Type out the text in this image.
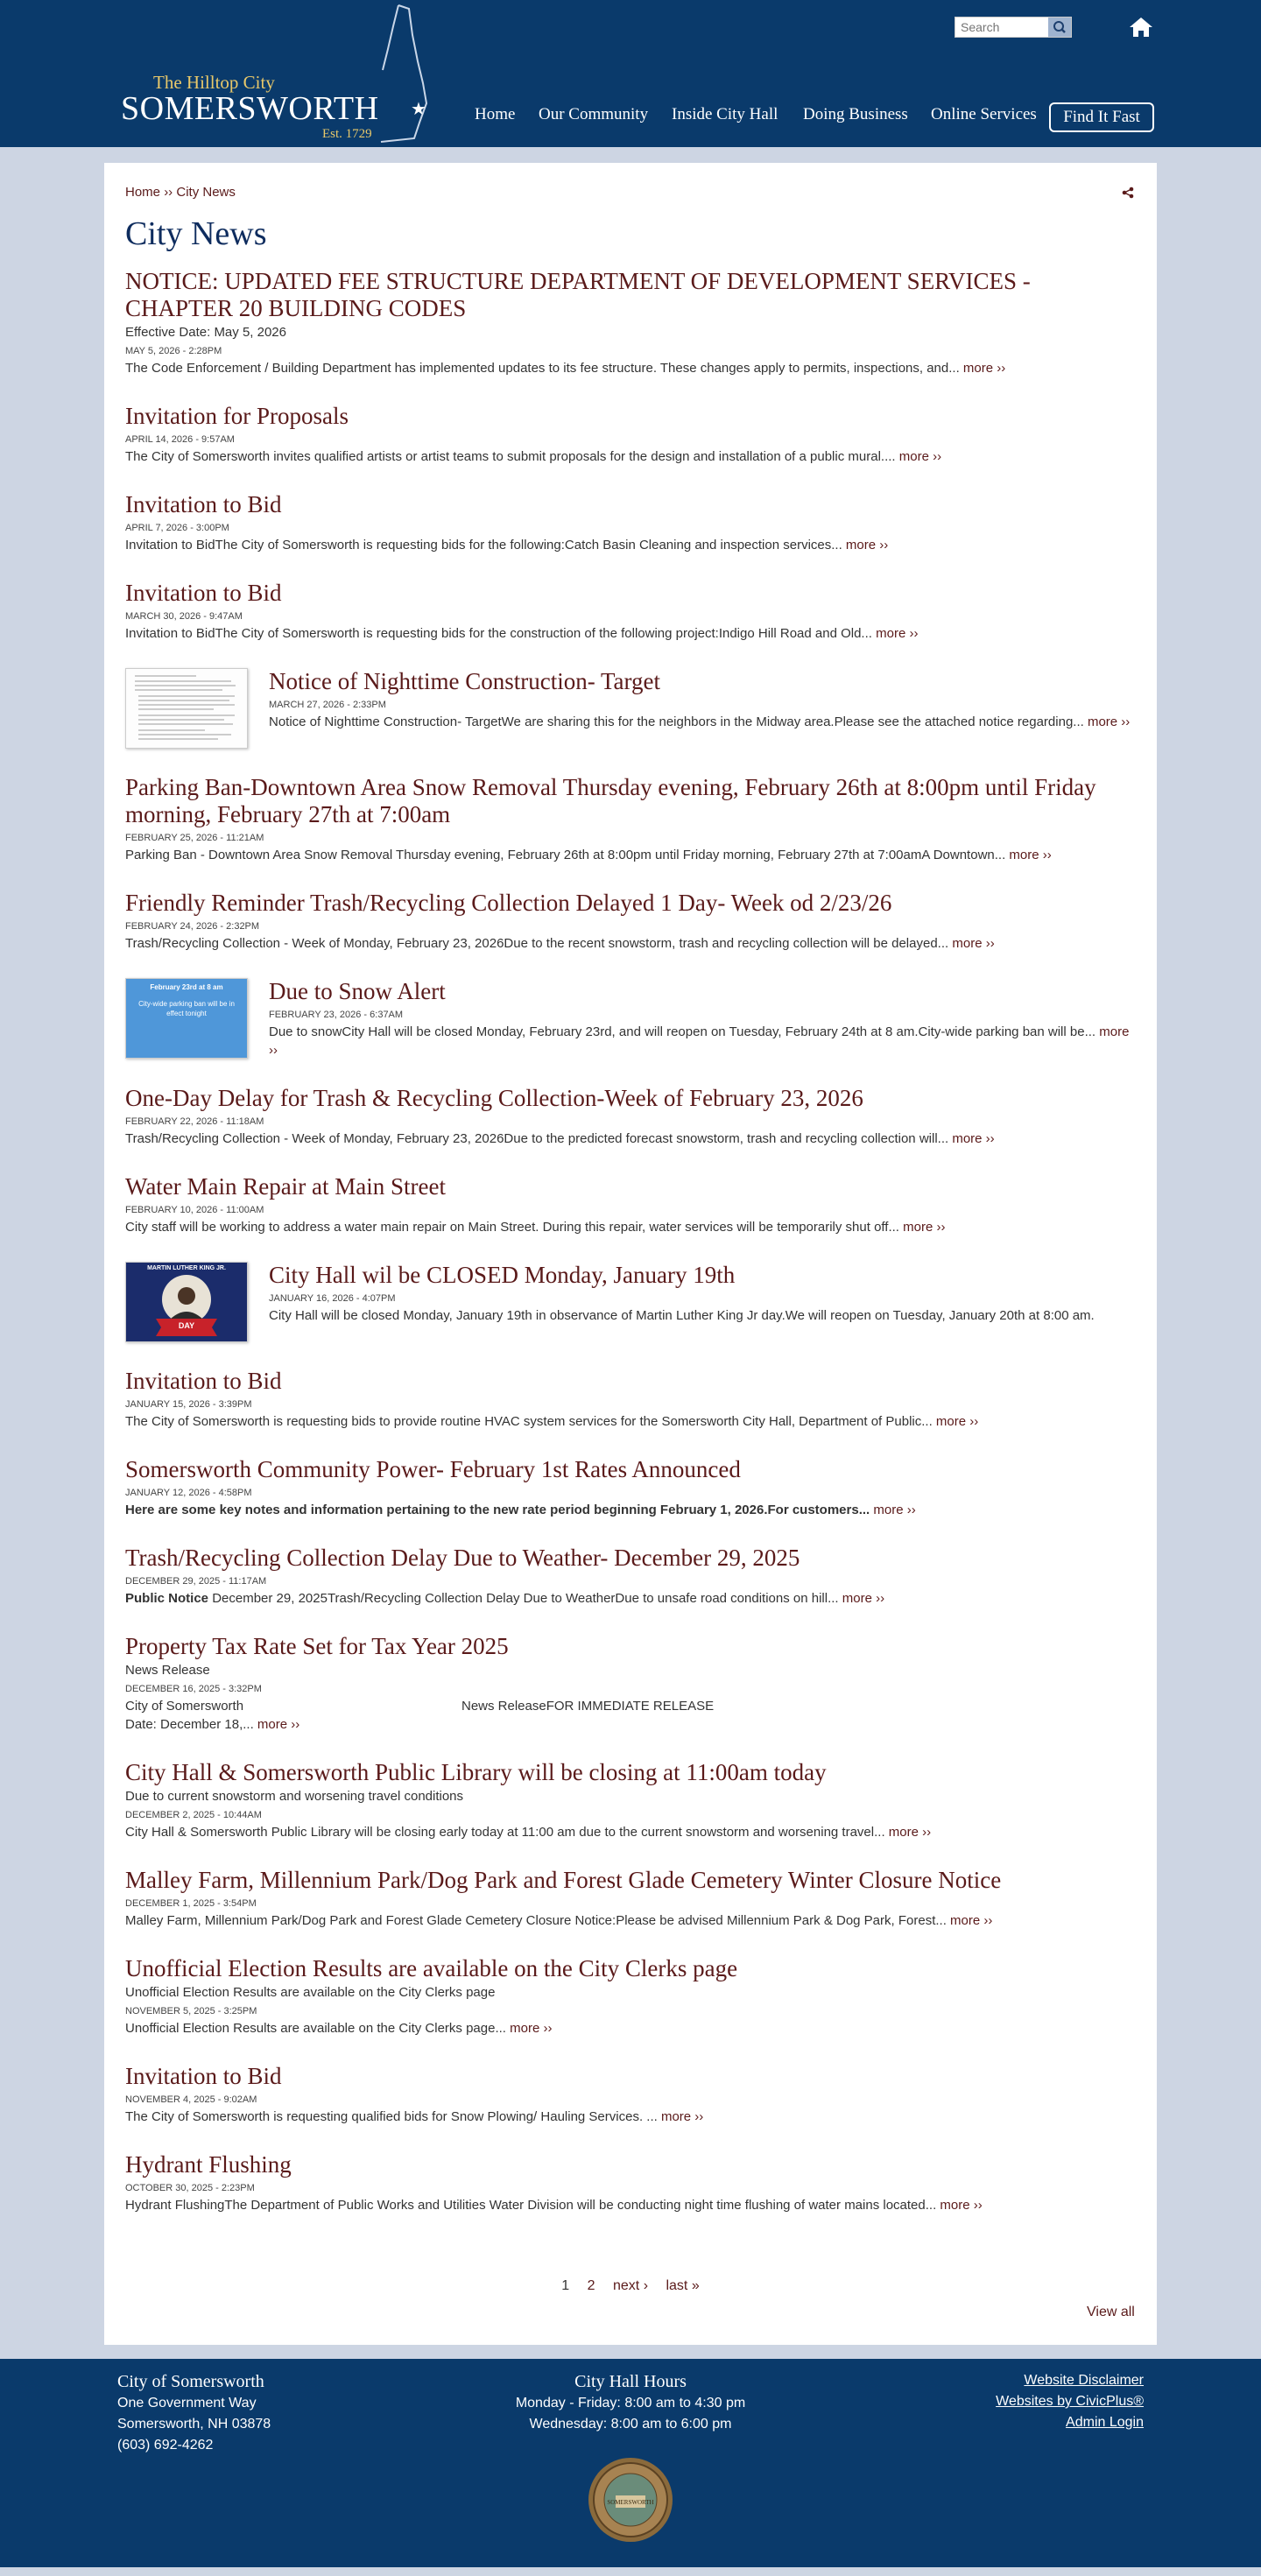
The Hilltop City
SOMERSWORTH ★
Est. 1729
Search
Home Our Community Inside City Hall Doing Business Online Services	Find It Fast
Home ›› City News
City News
NOTICE: UPDATED FEE STRUCTURE DEPARTMENT OF DEVELOPMENT SERVICES - CHAPTER 20 BUILDING CODES
Effective Date: May 5, 2026
MAY 5, 2026 - 2:28PM
The Code Enforcement / Building Department has implemented updates to its fee structure. These changes apply to permits, inspections, and... more ››
Invitation for Proposals
APRIL 14, 2026 - 9:57AM
The City of Somersworth invites qualified artists or artist teams to submit proposals for the design and installation of a public mural.... more ››
Invitation to Bid
APRIL 7, 2026 - 3:00PM
Invitation to BidThe City of Somersworth is requesting bids for the following:Catch Basin Cleaning and inspection services... more ››
Invitation to Bid
MARCH 30, 2026 - 9:47AM
Invitation to BidThe City of Somersworth is requesting bids for the construction of the following project:Indigo Hill Road and Old... more ››
Notice of Nighttime Construction- Target
MARCH 27, 2026 - 2:33PM
Notice of Nighttime Construction- TargetWe are sharing this for the neighbors in the Midway area.Please see the attached notice regarding... more ››
Parking Ban-Downtown Area Snow Removal Thursday evening, February 26th at 8:00pm until Friday morning, February 27th at 7:00am
FEBRUARY 25, 2026 - 11:21AM
Parking Ban - Downtown Area Snow Removal Thursday evening, February 26th at 8:00pm until Friday morning, February 27th at 7:00amA Downtown... more ››
Friendly Reminder Trash/Recycling Collection Delayed 1 Day- Week od 2/23/26
FEBRUARY 24, 2026 - 2:32PM
Trash/Recycling Collection - Week of Monday, February 23, 2026Due to the recent snowstorm, trash and recycling collection will be delayed... more ››
February 23rd at 8 am
City-wide parking ban will be in effect tonight
Due to Snow Alert
FEBRUARY 23, 2026 - 6:37AM
Due to snowCity Hall will be closed Monday, February 23rd, and will reopen on Tuesday, February 24th at 8 am.City-wide parking ban will be... more ››
One-Day Delay for Trash & Recycling Collection-Week of February 23, 2026
FEBRUARY 22, 2026 - 11:18AM
Trash/Recycling Collection - Week of Monday, February 23, 2026Due to the predicted forecast snowstorm, trash and recycling collection will... more ››
Water Main Repair at Main Street
FEBRUARY 10, 2026 - 11:00AM
City staff will be working to address a water main repair on Main Street. During this repair, water services will be temporarily shut off... more ››
MARTIN LUTHER KING JR.
DAY
City Hall wil be CLOSED Monday, January 19th
JANUARY 16, 2026 - 4:07PM
City Hall will be closed Monday, January 19th in observance of Martin Luther King Jr day.We will reopen on Tuesday, January 20th at 8:00 am.
Invitation to Bid
JANUARY 15, 2026 - 3:39PM
The City of Somersworth is requesting bids to provide routine HVAC system services for the Somersworth City Hall, Department of Public... more ››
Somersworth Community Power- February 1st Rates Announced
JANUARY 12, 2026 - 4:58PM
Here are some key notes and information pertaining to the new rate period beginning February 1, 2026.For customers... more ››
Trash/Recycling Collection Delay Due to Weather- December 29, 2025
DECEMBER 29, 2025 - 11:17AM
Public Notice December 29, 2025Trash/Recycling Collection Delay Due to WeatherDue to unsafe road conditions on hill... more ››
Property Tax Rate Set for Tax Year 2025
News Release
DECEMBER 16, 2025 - 3:32PM
City of Somersworth	News ReleaseFOR IMMEDIATE RELEASE
Date: December 18,... more ››
City Hall & Somersworth Public Library will be closing at 11:00am today
Due to current snowstorm and worsening travel conditions
DECEMBER 2, 2025 - 10:44AM
City Hall & Somersworth Public Library will be closing early today at 11:00 am due to the current snowstorm and worsening travel... more ››
Malley Farm, Millennium Park/Dog Park and Forest Glade Cemetery Winter Closure Notice
DECEMBER 1, 2025 - 3:54PM
Malley Farm, Millennium Park/Dog Park and Forest Glade Cemetery Closure Notice:Please be advised Millennium Park & Dog Park, Forest... more ››
Unofficial Election Results are available on the City Clerks page
Unofficial Election Results are available on the City Clerks page
NOVEMBER 5, 2025 - 3:25PM
Unofficial Election Results are available on the City Clerks page... more ››
Invitation to Bid
NOVEMBER 4, 2025 - 9:02AM
The City of Somersworth is requesting qualified bids for Snow Plowing/ Hauling Services. ... more ››
Hydrant Flushing
OCTOBER 30, 2025 - 2:23PM
Hydrant FlushingThe Department of Public Works and Utilities Water Division will be conducting night time flushing of water mains located... more ››
1 2 next › last »
View all
City of Somersworth
One Government Way
Somersworth, NH 03878
(603) 692-4262
City Hall Hours
Monday - Friday: 8:00 am to 4:30 pm
Wednesday: 8:00 am to 6:00 pm
Website Disclaimer
Websites by CivicPlus®
Admin Login
SOMERSWORTH
